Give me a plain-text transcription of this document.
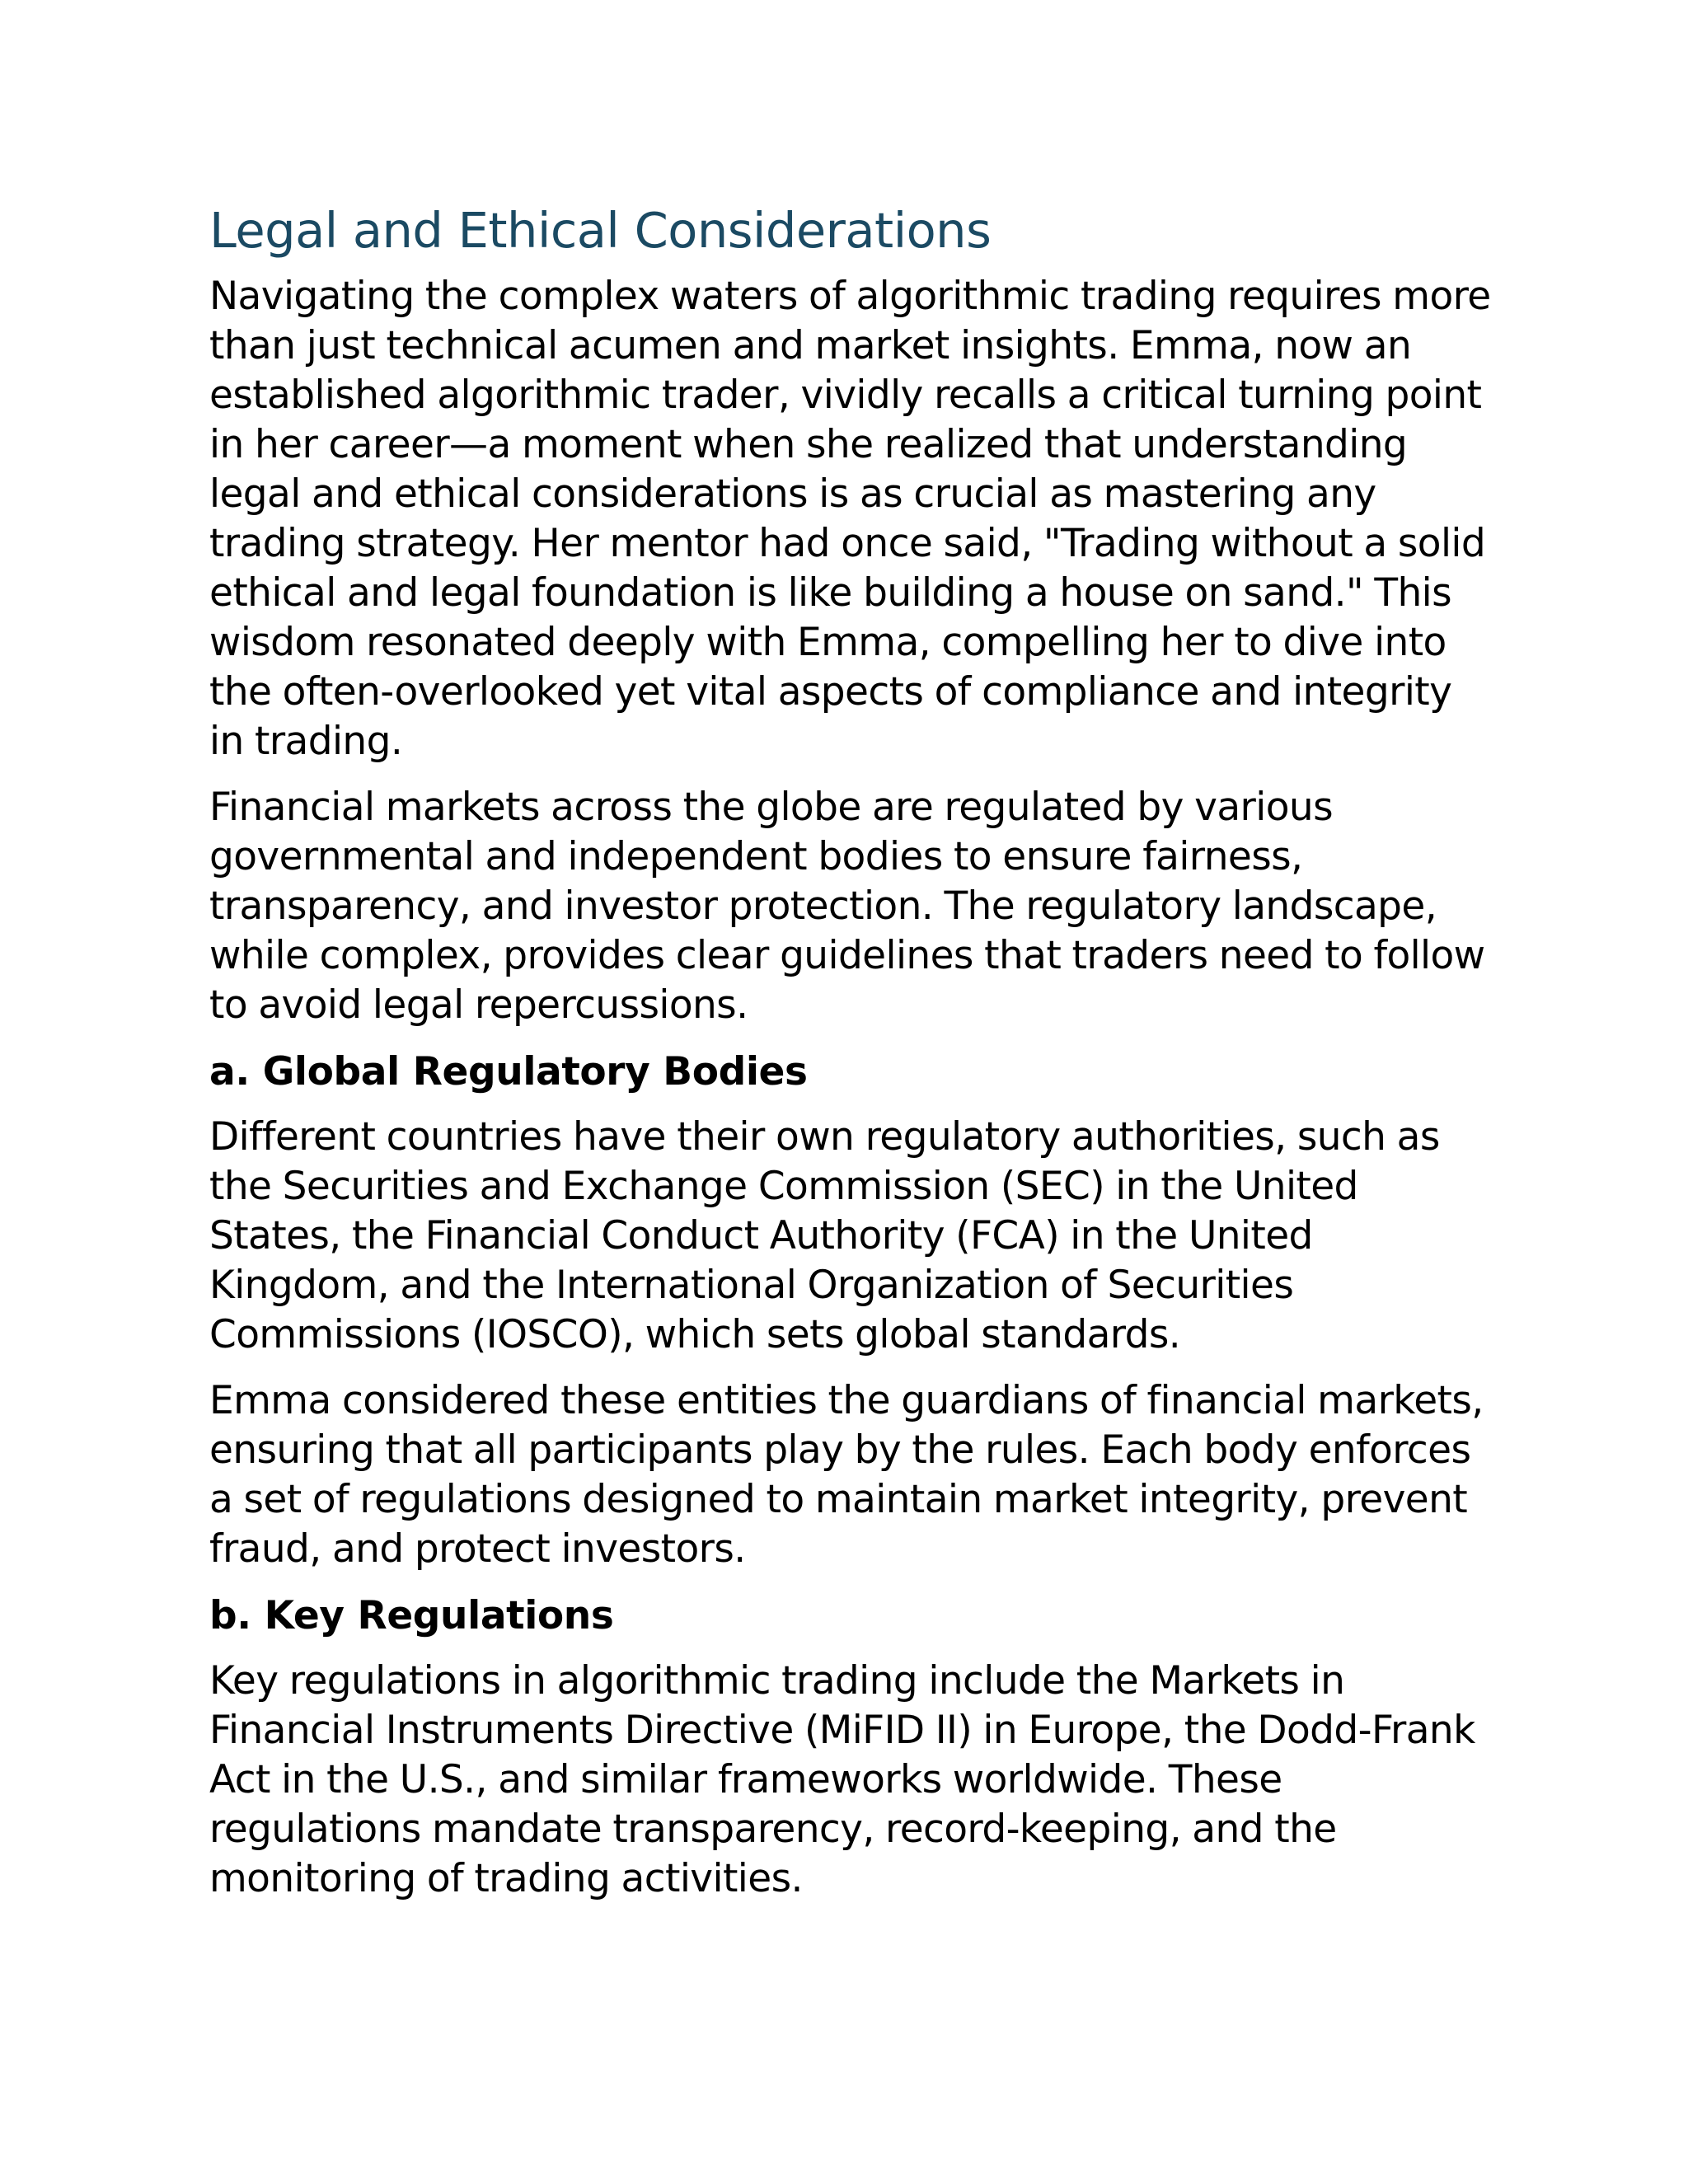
Legal and Ethical Considerations

Navigating the complex waters of algorithmic trading requires more than just technical acumen and market insights. Emma, now an established algorithmic trader, vividly recalls a critical turning point in her career—a moment when she realized that understanding legal and ethical considerations is as crucial as mastering any trading strategy. Her mentor had once said, "Trading without a solid ethical and legal foundation is like building a house on sand." This wisdom resonated deeply with Emma, compelling her to dive into the often-overlooked yet vital aspects of compliance and integrity in trading.

Financial markets across the globe are regulated by various governmental and independent bodies to ensure fairness, transparency, and investor protection. The regulatory landscape, while complex, provides clear guidelines that traders need to follow to avoid legal repercussions.

a. Global Regulatory Bodies

Different countries have their own regulatory authorities, such as the Securities and Exchange Commission (SEC) in the United States, the Financial Conduct Authority (FCA) in the United Kingdom, and the International Organization of Securities Commissions (IOSCO), which sets global standards.

Emma considered these entities the guardians of financial markets, ensuring that all participants play by the rules. Each body enforces a set of regulations designed to maintain market integrity, prevent fraud, and protect investors.

b. Key Regulations

Key regulations in algorithmic trading include the Markets in Financial Instruments Directive (MiFID II) in Europe, the Dodd-Frank Act in the U.S., and similar frameworks worldwide. These regulations mandate transparency, record-keeping, and the monitoring of trading activities.
